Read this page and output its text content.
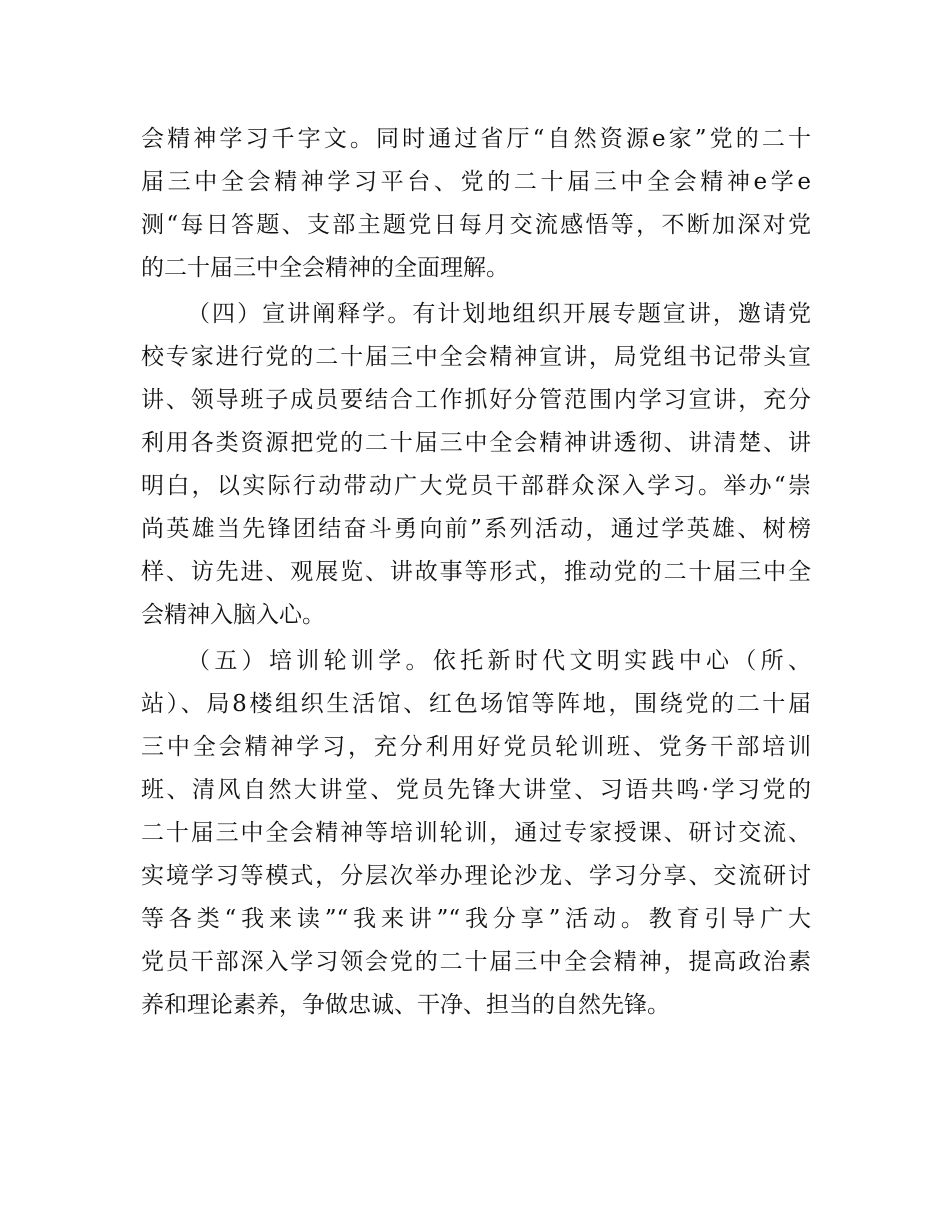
会精神学习千字文。同时通过省厅“自然资源e家”党的二十
届三中全会精神学习平台、党的二十届三中全会精神e学e
测“每日答题、支部主题党日每月交流感悟等，不断加深对党
的二十届三中全会精神的全面理解。
（四）宣讲阐释学。有计划地组织开展专题宣讲，邀请党
校专家进行党的二十届三中全会精神宣讲，局党组书记带头宣
讲、领导班子成员要结合工作抓好分管范围内学习宣讲，充分
利用各类资源把党的二十届三中全会精神讲透彻、讲清楚、讲
明白，以实际行动带动广大党员干部群众深入学习。举办“崇
尚英雄当先锋团结奋斗勇向前”系列活动，通过学英雄、树榜
样、访先进、观展览、讲故事等形式，推动党的二十届三中全
会精神入脑入心。
（五）培训轮训学。依托新时代文明实践中心（所、
站）、局8楼组织生活馆、红色场馆等阵地，围绕党的二十届
三中全会精神学习，充分利用好党员轮训班、党务干部培训
班、清风自然大讲堂、党员先锋大讲堂、习语共鸣·学习党的
二十届三中全会精神等培训轮训，通过专家授课、研讨交流、
实境学习等模式，分层次举办理论沙龙、学习分享、交流研讨
等各类“我来读”“我来讲”“我分享”活动。教育引导广大
党员干部深入学习领会党的二十届三中全会精神，提高政治素
养和理论素养，争做忠诚、干净、担当的自然先锋。
